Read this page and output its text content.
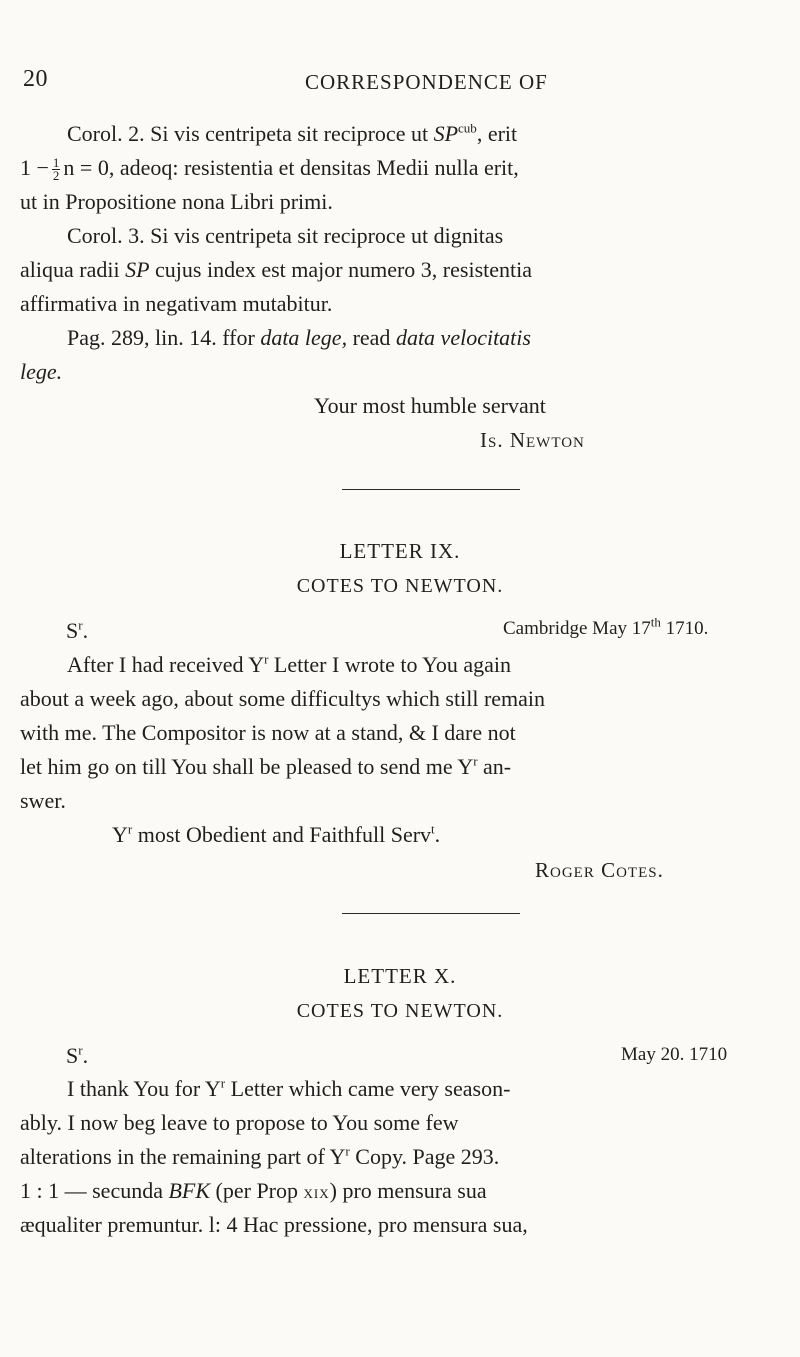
20	CORRESPONDENCE OF
Corol. 2. Si vis centripeta sit reciproce ut $SP^{cub}$, erit
$1 - \frac{1}{2}$ n = 0, adeoq: resistentia et densitas Medii nulla erit,
ut in Propositione nona Libri primi.
Corol. 3. Si vis centripeta sit reciproce ut dignitas
aliqua radii SP cujus index est major numero 3, resistentia
affirmativa in negativam mutabitur.
Pag. 289, lin. 14. ffor data lege, read data velocitatis
lege.
Your most humble servant
Is. Newton
LETTER IX.
COTES TO NEWTON.
$S^r$.	Cambridge May 17th 1710.
After I had received $Y^r$ Letter I wrote to You again
about a week ago, about some difficultys which still remain
with me. The Compositor is now at a stand, & I dare not
let him go on till You shall be pleased to send me $Y^r$ an-
swer.
$Y^r$ most Obedient and Faithfull Serv$^t$.
Roger Cotes.
LETTER X.
COTES TO NEWTON.
$S^r$.	May 20. 1710
I thank You for $Y^r$ Letter which came very season-
ably. I now beg leave to propose to You some few
alterations in the remaining part of $Y^r$ Copy. Page 293.
1 : 1 — secunda BFK (per Prop xix) pro mensura sua
æqualiter premuntur. l: 4 Hac pressione, pro mensura sua,
